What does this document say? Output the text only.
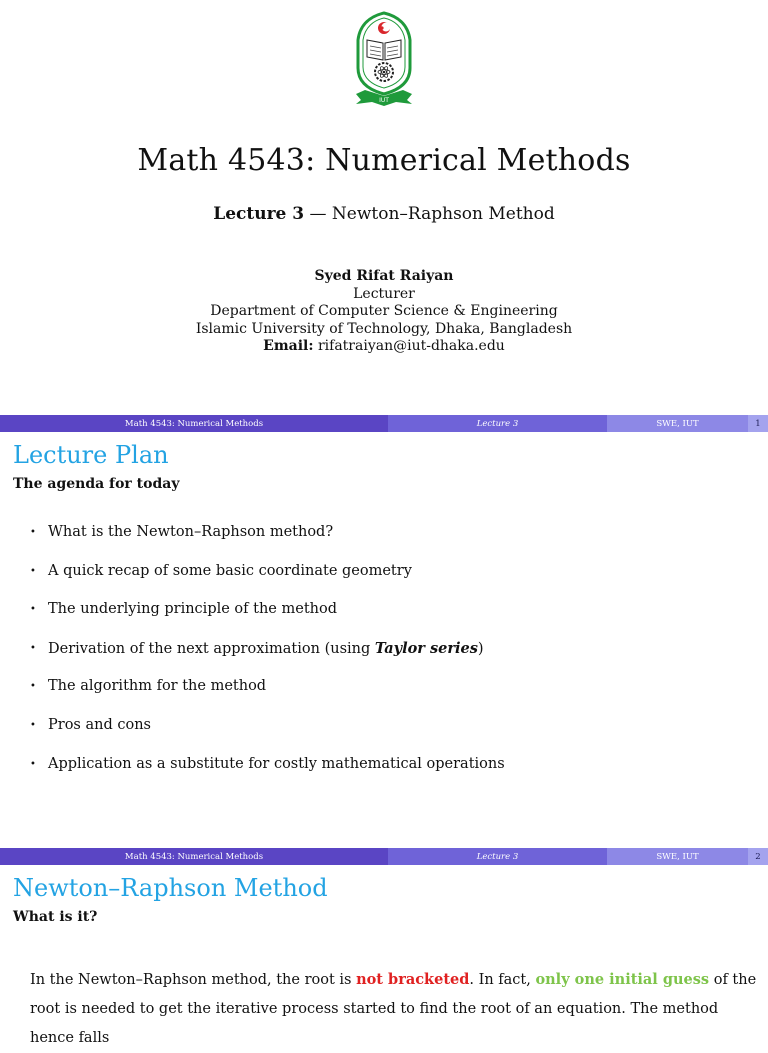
IUT
Math 4543: Numerical Methods
Lecture 3 — Newton–Raphson Method
Syed Rifat Raiyan
Lecturer
Department of Computer Science & Engineering
Islamic University of Technology, Dhaka, Bangladesh
Email: rifatraiyan@iut-dhaka.edu
Math 4543: Numerical Methods	Lecture 3	SWE, IUT	1
Lecture Plan
The agenda for today
• What is the Newton–Raphson method?
• A quick recap of some basic coordinate geometry
• The underlying principle of the method
• Derivation of the next approximation (using Taylor series)
• The algorithm for the method
• Pros and cons
• Application as a substitute for costly mathematical operations
Math 4543: Numerical Methods	Lecture 3	SWE, IUT	2
Newton–Raphson Method
What is it?
In the Newton–Raphson method, the root is not bracketed. In fact, only one initial guess of the root is needed to get the iterative process started to find the root of an equation. The method hence falls
